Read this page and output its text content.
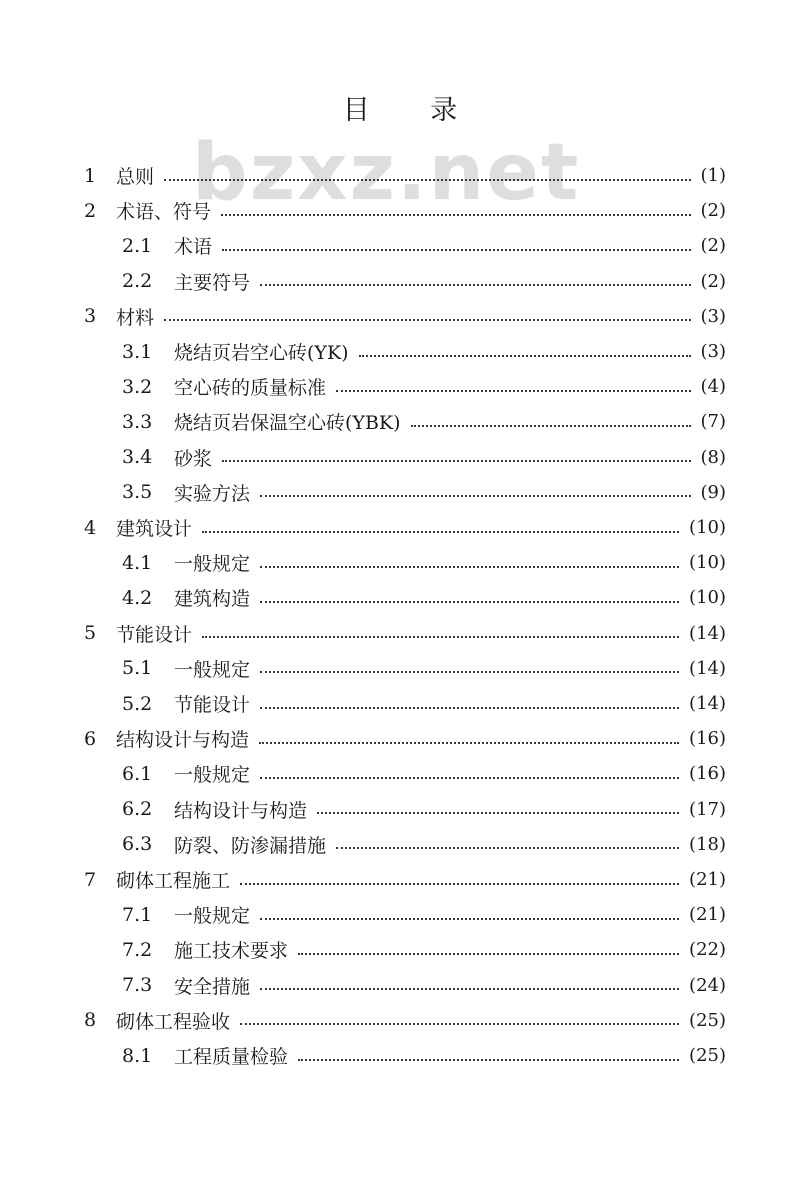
目 录
bzxz.net
1 总则	(1)
2 术语、符号	(2)
2.1 术语	(2)
2.2 主要符号	(2)
3 材料	(3)
3.1 烧结页岩空心砖(YK)	(3)
3.2 空心砖的质量标准	(4)
3.3 烧结页岩保温空心砖(YBK)	(7)
3.4 砂浆	(8)
3.5 实验方法	(9)
4 建筑设计	(10)
4.1 一般规定	(10)
4.2 建筑构造	(10)
5 节能设计	(14)
5.1 一般规定	(14)
5.2 节能设计	(14)
6 结构设计与构造	(16)
6.1 一般规定	(16)
6.2 结构设计与构造	(17)
6.3 防裂、防渗漏措施	(18)
7 砌体工程施工	(21)
7.1 一般规定	(21)
7.2 施工技术要求	(22)
7.3 安全措施	(24)
8 砌体工程验收	(25)
8.1 工程质量检验	(25)
